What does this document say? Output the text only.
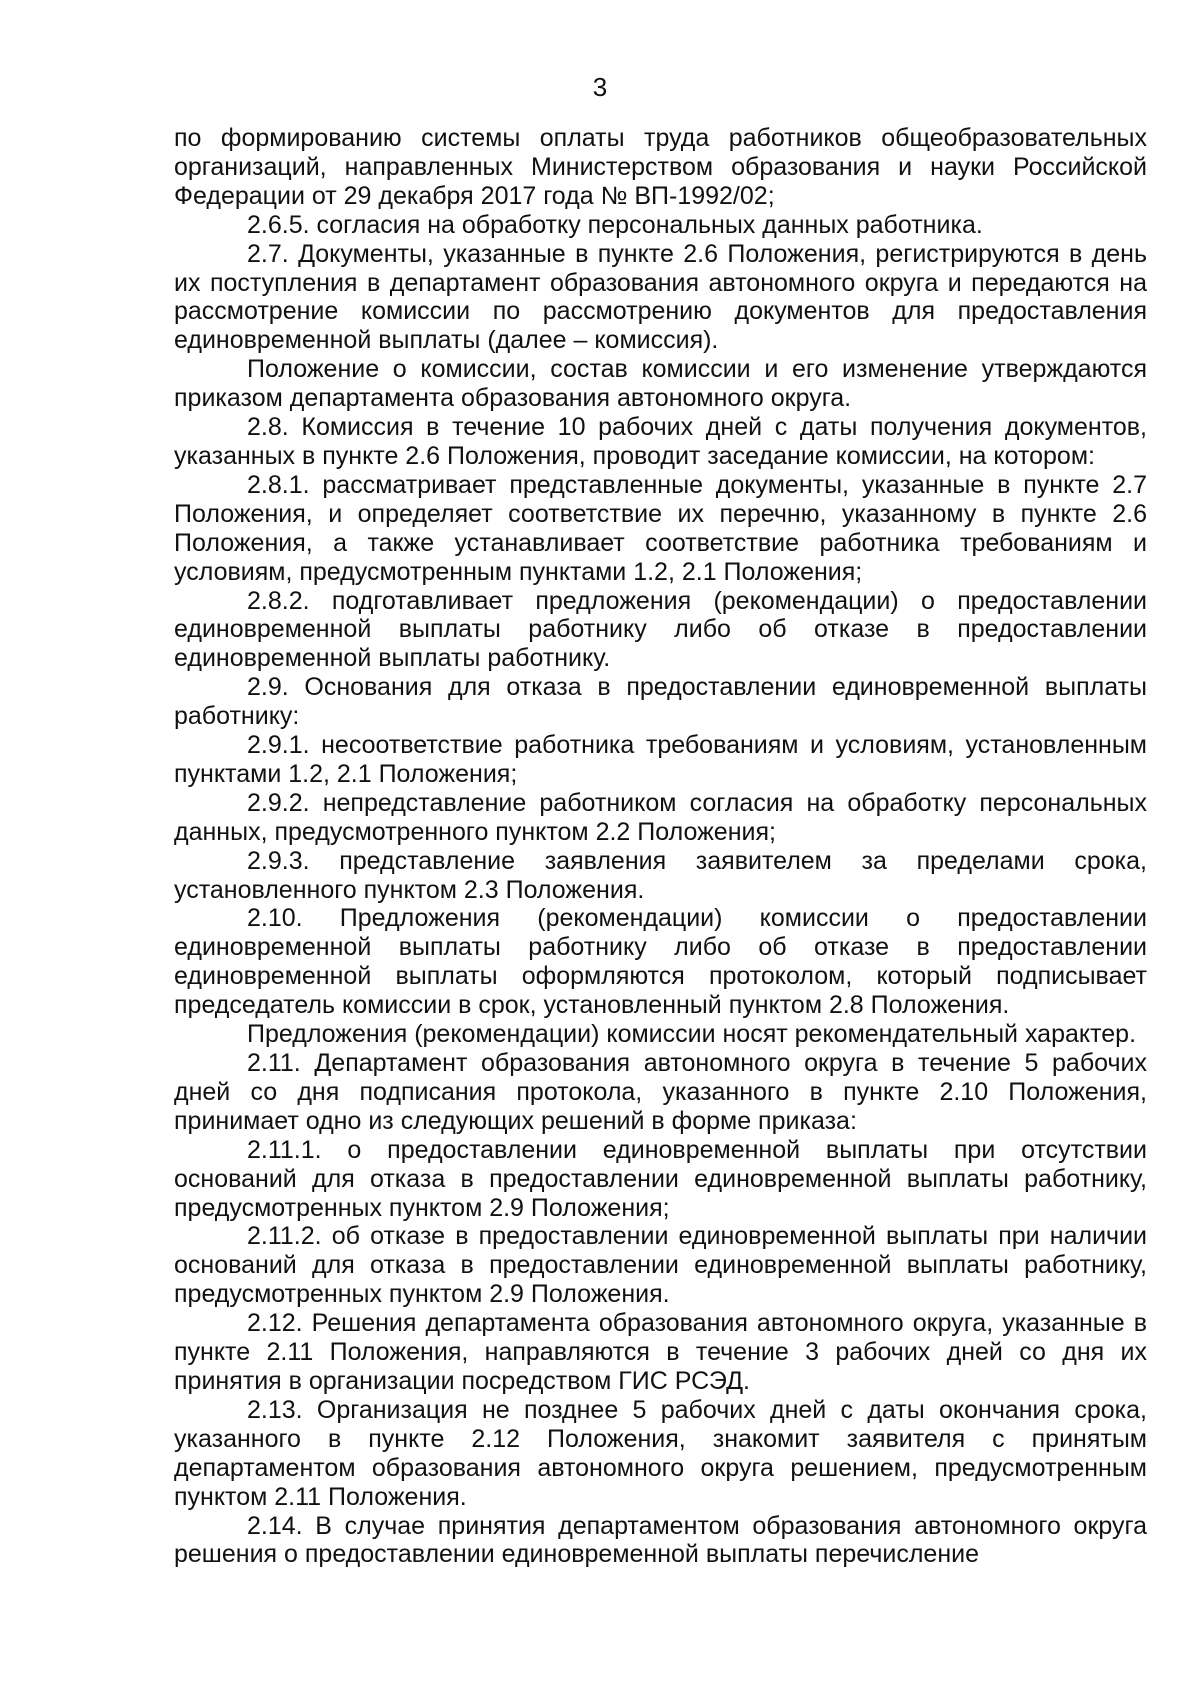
3

по формированию системы оплаты труда работников общеобразовательных организаций, направленных Министерством образования и науки Российской Федерации от 29 декабря 2017 года № ВП-1992/02;

2.6.5. согласия на обработку персональных данных работника.

2.7. Документы, указанные в пункте 2.6 Положения, регистрируются в день их поступления в департамент образования автономного округа и передаются на рассмотрение комиссии по рассмотрению документов для предоставления единовременной выплаты (далее – комиссия).

Положение о комиссии, состав комиссии и его изменение утверждаются приказом департамента образования автономного округа.

2.8. Комиссия в течение 10 рабочих дней с даты получения документов, указанных в пункте 2.6 Положения, проводит заседание комиссии, на котором:

2.8.1. рассматривает представленные документы, указанные в пункте 2.7 Положения, и определяет соответствие их перечню, указанному в пункте 2.6 Положения, а также устанавливает соответствие работника требованиям и условиям, предусмотренным пунктами 1.2, 2.1 Положения;

2.8.2. подготавливает предложения (рекомендации) о предоставлении единовременной выплаты работнику либо об отказе в предоставлении единовременной выплаты работнику.

2.9. Основания для отказа в предоставлении единовременной выплаты работнику:

2.9.1. несоответствие работника требованиям и условиям, установленным пунктами 1.2, 2.1 Положения;

2.9.2. непредставление работником согласия на обработку персональных данных, предусмотренного пунктом 2.2 Положения;

2.9.3. представление заявления заявителем за пределами срока, установленного пунктом 2.3 Положения.

2.10. Предложения (рекомендации) комиссии о предоставлении единовременной выплаты работнику либо об отказе в предоставлении единовременной выплаты оформляются протоколом, который подписывает председатель комиссии в срок, установленный пунктом 2.8 Положения.

Предложения (рекомендации) комиссии носят рекомендательный характер.

2.11. Департамент образования автономного округа в течение 5 рабочих дней со дня подписания протокола, указанного в пункте 2.10 Положения, принимает одно из следующих решений в форме приказа:

2.11.1. о предоставлении единовременной выплаты при отсутствии оснований для отказа в предоставлении единовременной выплаты работнику, предусмотренных пунктом 2.9 Положения;

2.11.2. об отказе в предоставлении единовременной выплаты при наличии оснований для отказа в предоставлении единовременной выплаты работнику, предусмотренных пунктом 2.9 Положения.

2.12. Решения департамента образования автономного округа, указанные в пункте 2.11 Положения, направляются в течение 3 рабочих дней со дня их принятия в организации посредством ГИС РСЭД.

2.13. Организация не позднее 5 рабочих дней с даты окончания срока, указанного в пункте 2.12 Положения, знакомит заявителя с принятым департаментом образования автономного округа решением, предусмотренным пунктом 2.11 Положения.

2.14. В случае принятия департаментом образования автономного округа решения о предоставлении единовременной выплаты перечисление
